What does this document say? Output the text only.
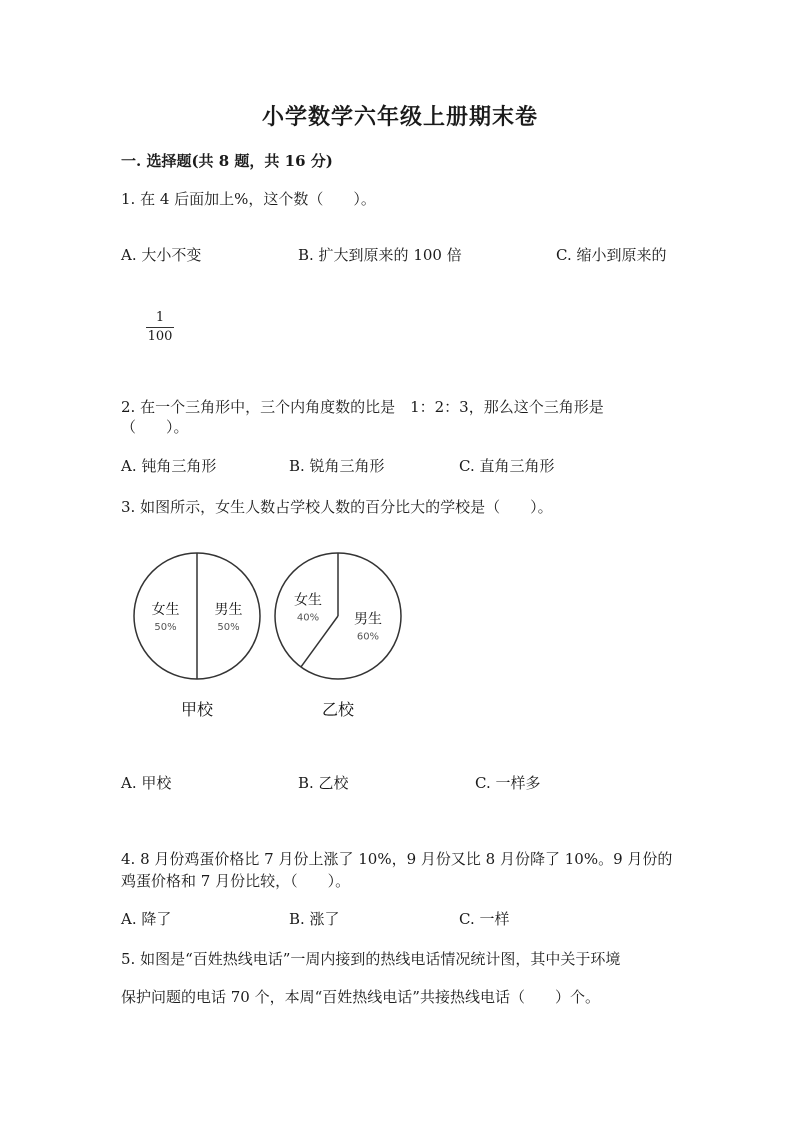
小学数学六年级上册期末卷
一. 选择题(共 8 题，共 16 分)
1. 在 4 后面加上%，这个数（　　）。
A. 大小不变	B. 扩大到原来的 100 倍	C. 缩小到原来的
1
100
2. 在一个三角形中，三个内角度数的比是　1：2：3，那么这个三角形是
（　　）。
A. 钝角三角形	B. 锐角三角形	C. 直角三角形
3. 如图所示，女生人数占学校人数的百分比大的学校是（　　）。
女生
50%
男生
50%
女生
40% 男生
60%
甲校	乙校
A. 甲校	B. 乙校	C. 一样多
4. 8 月份鸡蛋价格比 7 月份上涨了 10%，9 月份又比 8 月份降了 10%。9 月份的
鸡蛋价格和 7 月份比较，（　　）。
A. 降了	B. 涨了	C. 一样
5. 如图是“百姓热线电话”一周内接到的热线电话情况统计图，其中关于环境
保护问题的电话 70 个，本周“百姓热线电话”共接热线电话（　　）个。
